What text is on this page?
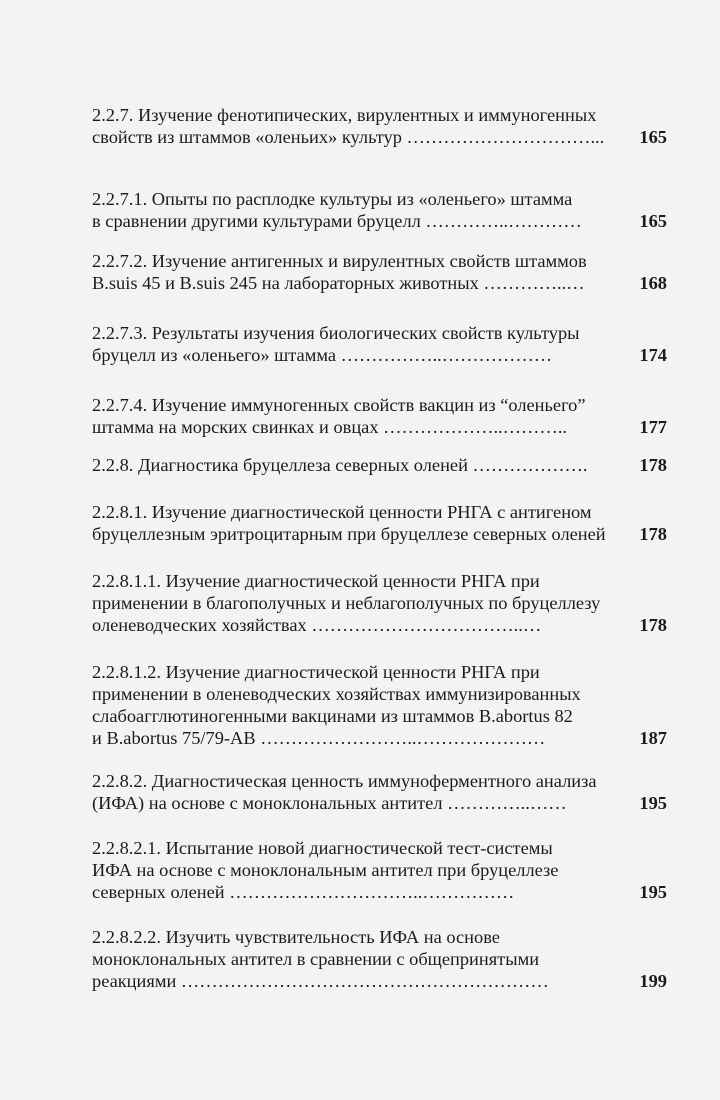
2.2.7. Изучение фенотипических, вирулентных и иммуногенных
свойств из штаммов «оленьих» культур …………………………...	165
2.2.7.1. Опыты по расплодке культуры из «оленьего» штамма
в сравнении другими культурами бруцелл …………..…………	165
2.2.7.2. Изучение антигенных и вирулентных свойств штаммов
B.suis 45 и B.suis 245 на лабораторных животных …………..…	168
2.2.7.3. Результаты изучения биологических свойств культуры
бруцелл из «оленьего» штамма ……………..………………	174
2.2.7.4. Изучение иммуногенных свойств вакцин из “оленьего”
штамма на морских свинках и овцах ………………..………..	177
2.2.8. Диагностика бруцеллеза северных оленей ……………….	178
2.2.8.1. Изучение диагностической ценности РНГА с антигеном
бруцеллезным эритроцитарным при бруцеллезе северных оленей	178
2.2.8.1.1. Изучение диагностической ценности РНГА при
применении в благополучных и неблагополучных по бруцеллезу
оленеводческих хозяйствах ……………………………..…	178
2.2.8.1.2. Изучение диагностической ценности РНГА при
применении в оленеводческих хозяйствах иммунизированных
слабоагглютиногенными вакцинами из штаммов B.abortus 82
и B.abortus 75/79-AB ……………………..…………………	187
2.2.8.2. Диагностическая ценность иммуноферментного анализа
(ИФА) на основе с моноклональных антител …………..……	195
2.2.8.2.1. Испытание новой диагностической тест-системы
ИФА на основе с моноклональным антител при бруцеллезе
северных оленей …………………………..……………	195
2.2.8.2.2. Изучить чувствительность ИФА на основе
моноклональных антител в сравнении с общепринятыми
реакциями ……………………………………………………	199
